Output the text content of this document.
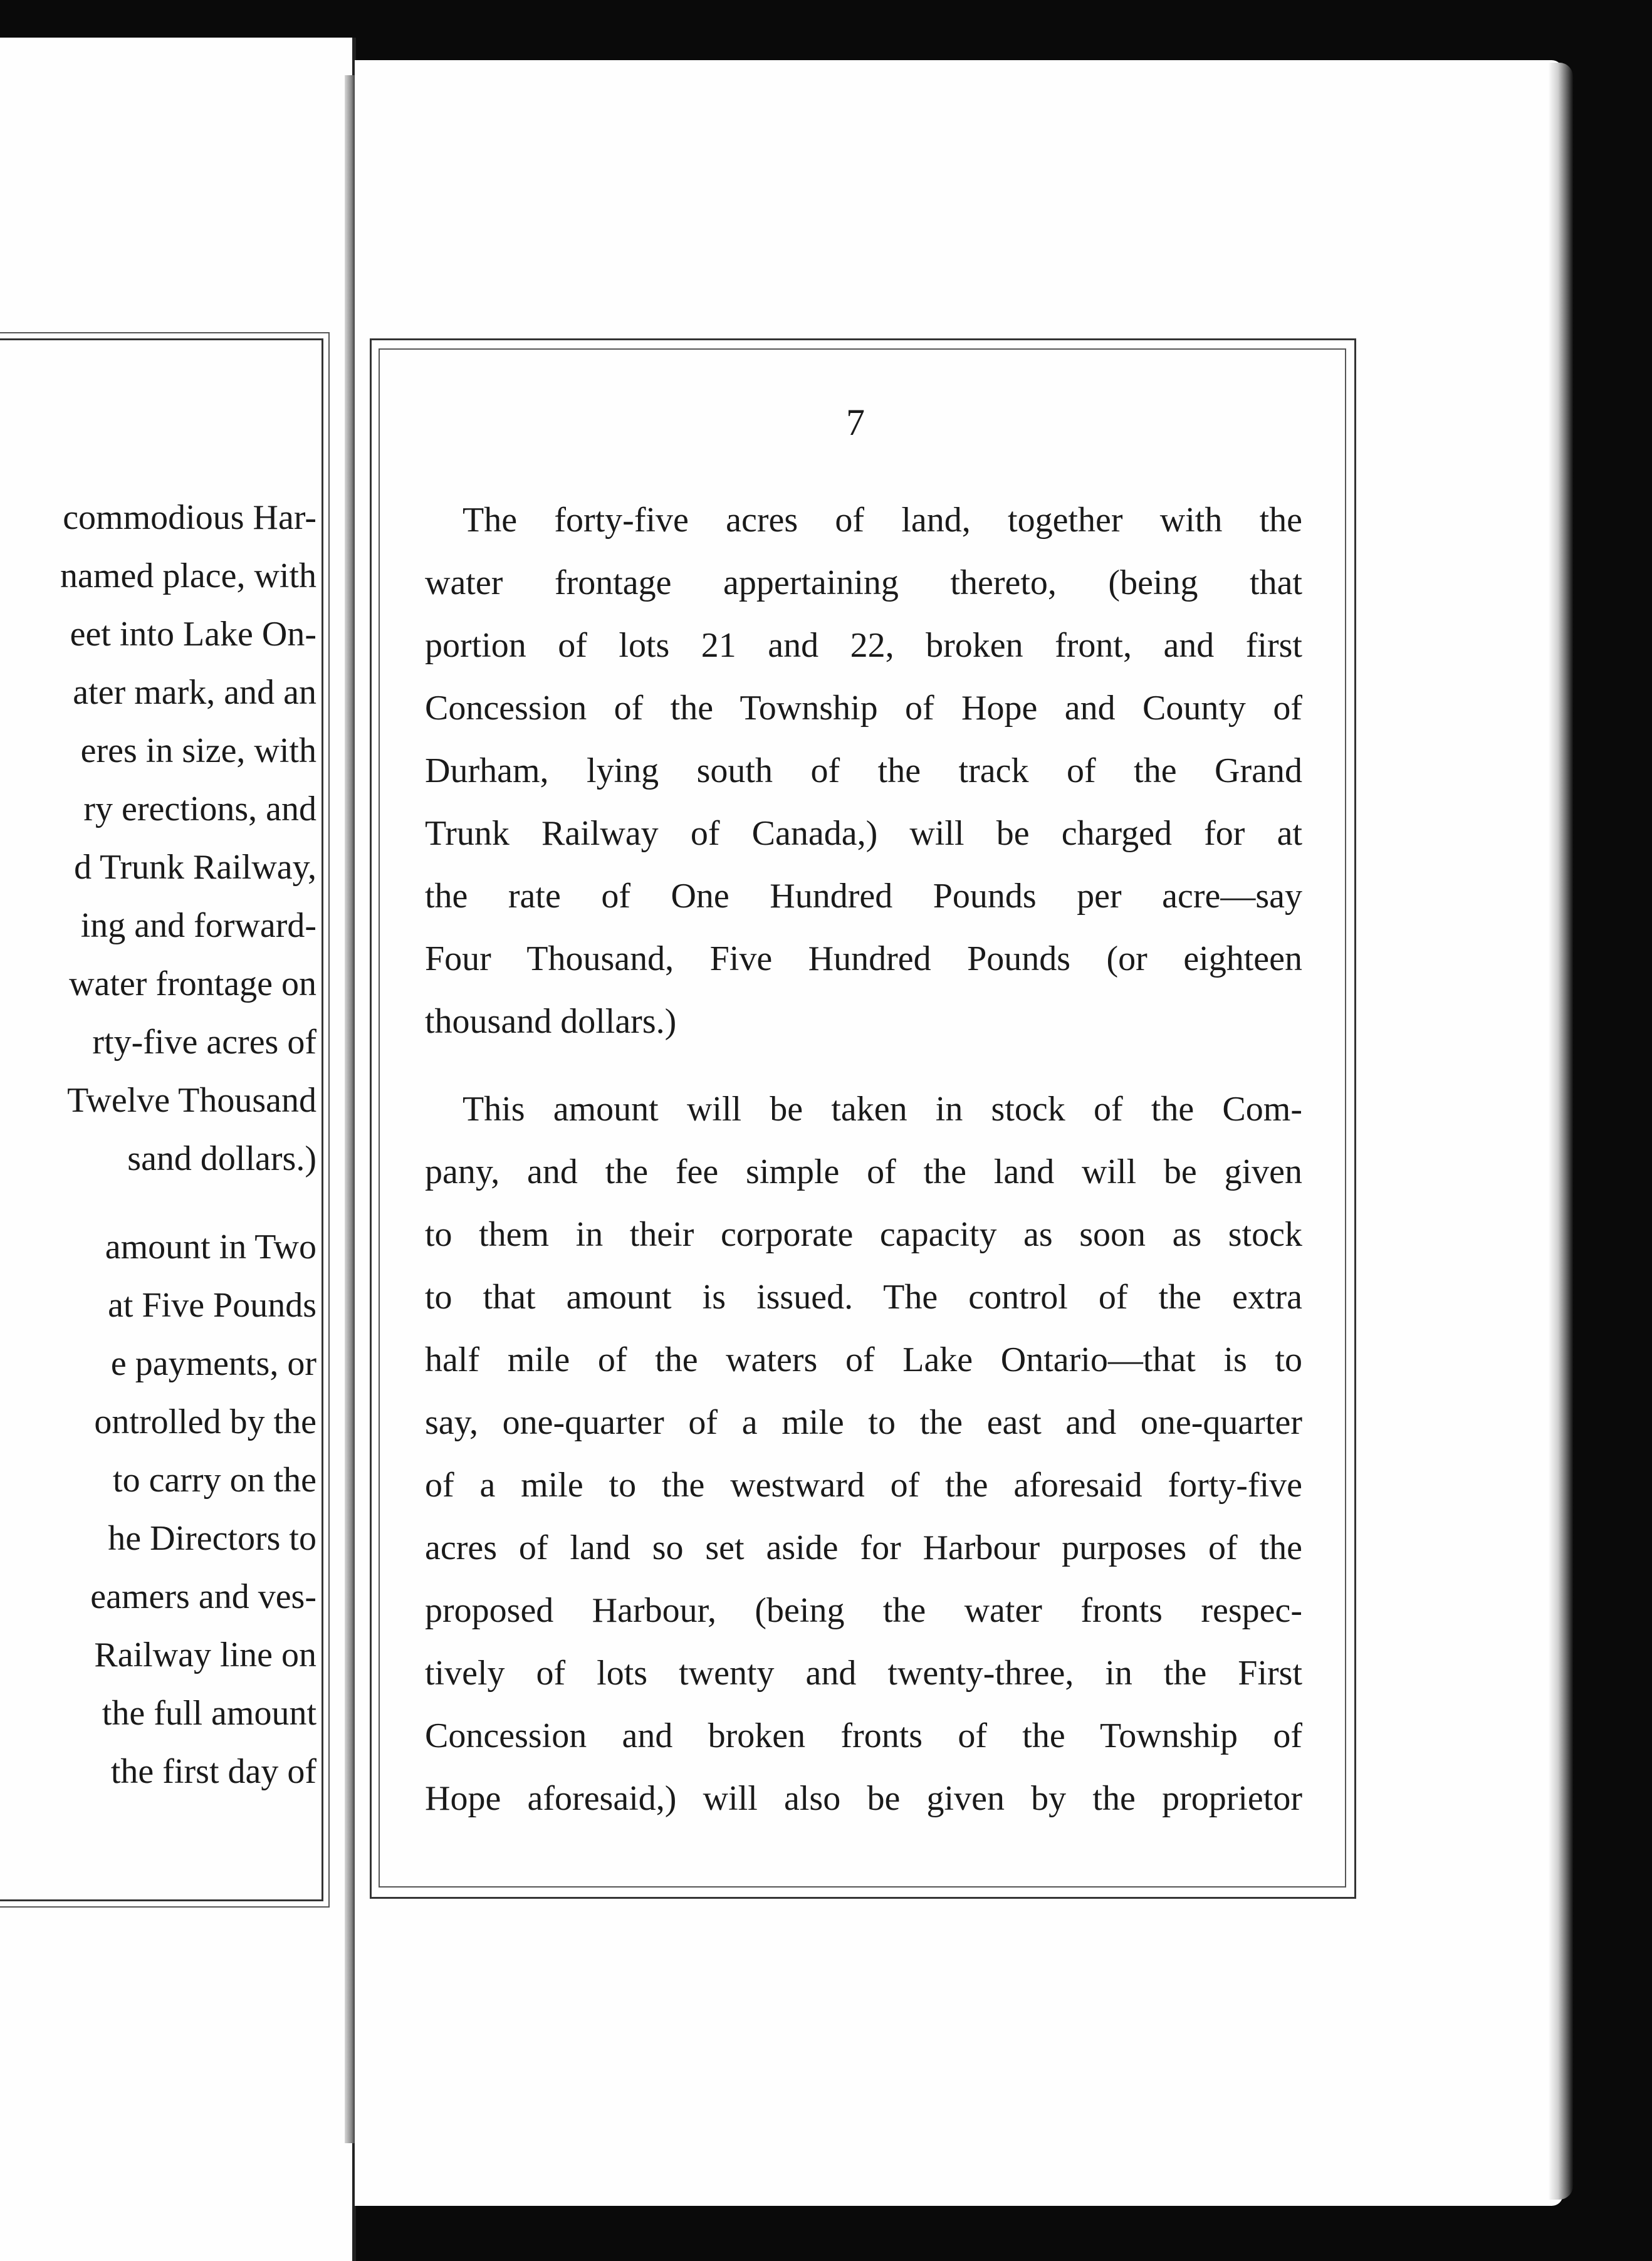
commodious Har-
named place, with
eet into Lake On-
ater mark, and an
eres in size, with
ry erections, and
d Trunk Railway,
ing and forward-
water frontage on
rty-five acres of
Twelve Thousand
sand dollars.)
amount in Two
at Five Pounds
e payments, or
ontrolled by the
to carry on the
he Directors to
eamers and ves-
Railway line on
the full amount
the first day of
7
The forty-five acres of land, together with the
water frontage appertaining thereto, (being that
portion of lots 21 and 22, broken front, and first
Concession of the Township of Hope and County of
Durham, lying south of the track of the Grand
Trunk Railway of Canada,) will be charged for at
the rate of One Hundred Pounds per acre—say
Four Thousand, Five Hundred Pounds (or eighteen
thousand dollars.)
This amount will be taken in stock of the Com-
pany, and the fee simple of the land will be given
to them in their corporate capacity as soon as stock
to that amount is issued. The control of the extra
half mile of the waters of Lake Ontario—that is to
say, one-quarter of a mile to the east and one-quarter
of a mile to the westward of the aforesaid forty-five
acres of land so set aside for Harbour purposes of the
proposed Harbour, (being the water fronts respec-
tively of lots twenty and twenty-three, in the First
Concession and broken fronts of the Township of
Hope aforesaid,) will also be given by the proprietor
